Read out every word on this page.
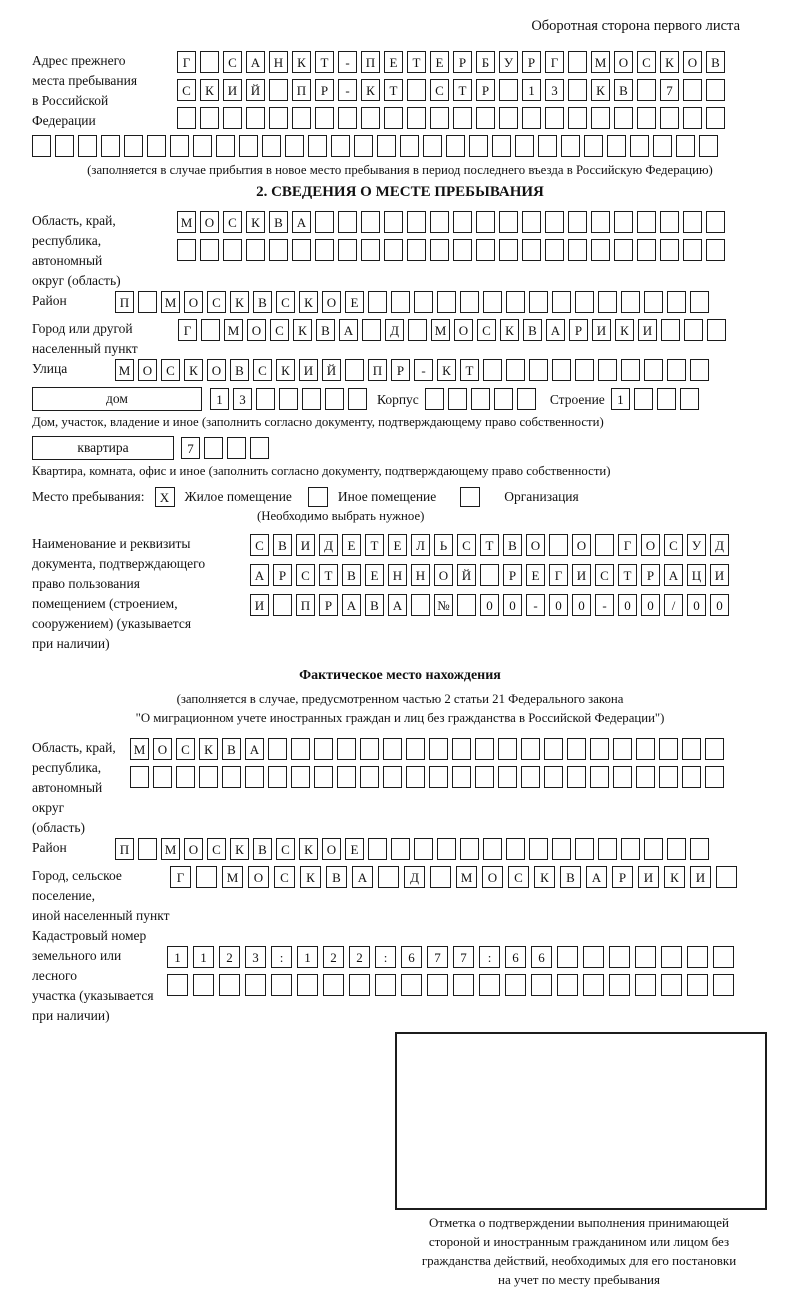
Оборотная сторона первого листа
Адрес прежнего
места пребывания
в Российской
Федерации
Г	С	А	Н	К	Т	-	П	Е	Т	Е	Р	Б	У	Р	Г	М О	С	К	О	В
С	К	И	Й	П	Р	-	К	Т	С	Т	Р	1	3	К	В	7
(заполняется в случае прибытия в новое место пребывания в период последнего въезда в Российскую Федерацию)
2. СВЕДЕНИЯ О МЕСТЕ ПРЕБЫВАНИЯ
Область, край,
республика,
автономный
округ (область)
М О	С	К	В	А
Район	П	М О	С	К	В	С	К	О	Е
Город или другой
населенный пункт
Г	М О	С	К	В	А	Д	М О	С	К	В	А	Р	И	К	И
Улица	М О	С	К	О	В	С	К	И	Й	П	Р	-	К	Т
дом	1	3	Корпус	Строение 1
Дом, участок, владение и иное (заполнить согласно документу, подтверждающему право собственности)
квартира	7
Квартира, комната, офис и иное (заполнить согласно документу, подтверждающему право собственности)
Место пребывания:	X	Жилое помещение	Иное помещение	Организация
(Необходимо выбрать нужное)
Наименование и реквизиты
документа, подтверждающего
право пользования
помещением (строением,
сооружением) (указывается
при наличии)
С	В	И	Д	Е	Т	Е	Л	Ь	С	Т	В	О	О	Г	О	С	У	Д
А	Р	С	Т	В	Е	Н	Н	О	Й	Р	Е	Г	И	С	Т	Р	А	Ц	И
И	П	Р	А	В	А	№	0	0	-	0	0	-	0	0	/	0	0
Фактическое место нахождения
(заполняется в случае, предусмотренном частью 2 статьи 21 Федерального закона
"О миграционном учете иностранных граждан и лиц без гражданства в Российской Федерации")
Область, край,
республика,
автономный округ
(область)
М О	С	К	В	А
Район	П	М О	С	К	В	С	К	О	Е
Город, сельское поселение,
иной населенный пункт
Г	М	О	С	К	В	А	Д	М	О	С	К	В	А	Р	И	К	И
Кадастровый номер
земельного или лесного
участка (указывается
при наличии)
1	1	2	3	:	1	2	2	:	6	7	7	:	6	6
Отметка о подтверждении выполнения принимающей
стороной и иностранным гражданином или лицом без
гражданства действий, необходимых для его постановки
на учет по месту пребывания
